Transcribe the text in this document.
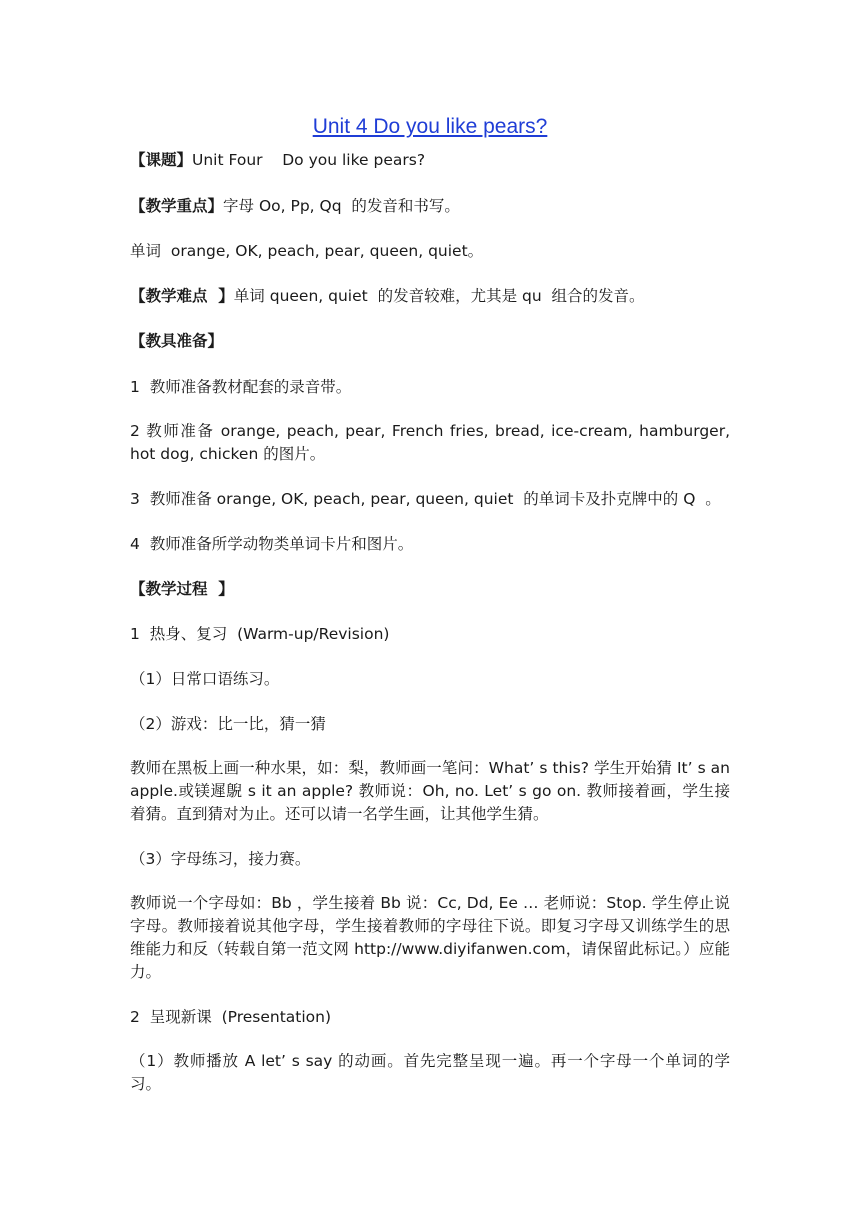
Unit 4 Do you like pears?
【课题】Unit Four    Do you like pears?
【教学重点】字母 Oo, Pp, Qq  的发音和书写。
单词  orange, OK, peach, pear, queen, quiet。
【教学难点  】单词 queen, quiet  的发音较难，尤其是 qu  组合的发音。
【教具准备】
1  教师准备教材配套的录音带。
2 教师准备 orange, peach, pear, French fries, bread, ice-cream, hamburger, hot dog, chicken 的图片。
3  教师准备 orange, OK, peach, pear, queen, quiet  的单词卡及扑克牌中的 Q  。
4  教师准备所学动物类单词卡片和图片。
【教学过程  】
1  热身、复习  (Warm-up/Revision)
（1）日常口语练习。
（2）游戏：比一比，猜一猜
教师在黑板上画一种水果，如：梨，教师画一笔问：What’ s this? 学生开始猜 It’ s an apple.或镁遲鶃 s it an apple? 教师说：Oh, no. Let’ s go on. 教师接着画，学生接着猜。直到猜对为止。还可以请一名学生画，让其他学生猜。
（3）字母练习，接力赛。
教师说一个字母如：Bb ，学生接着 Bb 说：Cc, Dd, Ee … 老师说：Stop. 学生停止说字母。教师接着说其他字母，学生接着教师的字母往下说。即复习字母又训练学生的思维能力和反（转载自第一范文网 http://www.diyifanwen.com，请保留此标记。）应能力。
2  呈现新课  (Presentation)
（1）教师播放 A let’ s say 的动画。首先完整呈现一遍。再一个字母一个单词的学习。
